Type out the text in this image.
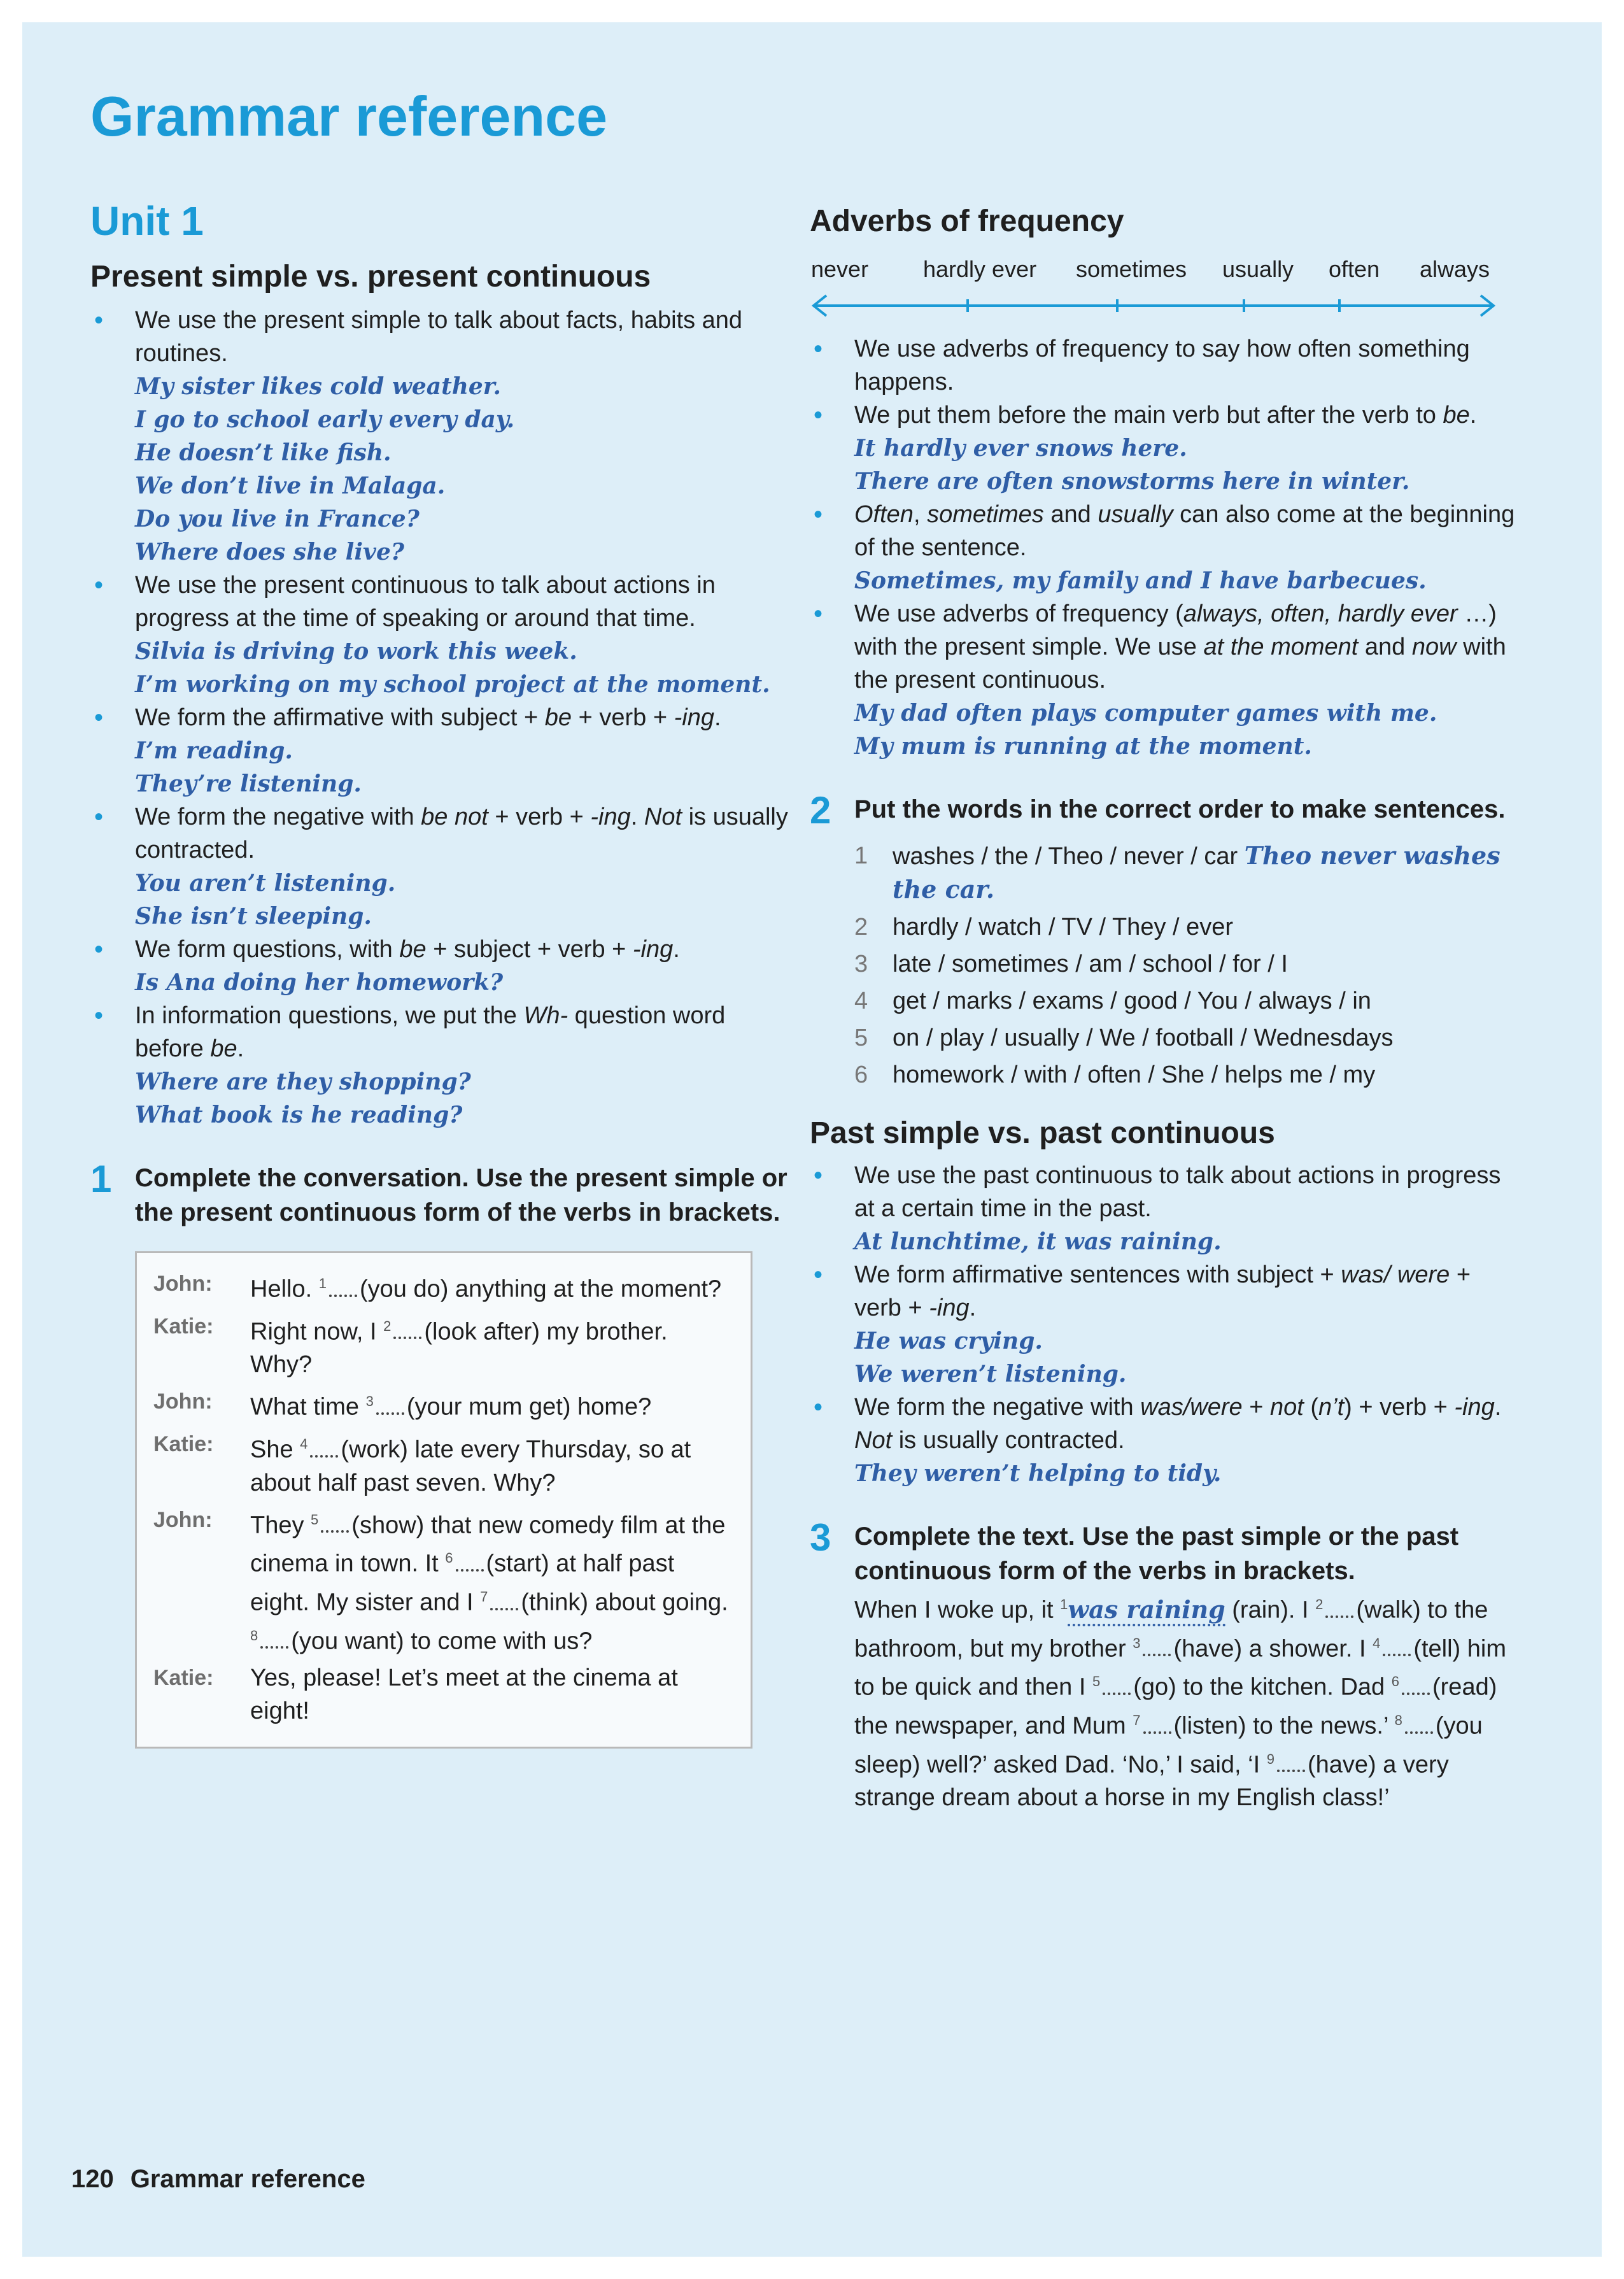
Grammar reference
Unit 1
Present simple vs. present continuous
• We use the present simple to talk about facts, habits and routines.
My sister likes cold weather.
I go to school early every day.
He doesn’t like fish.
We don’t live in Malaga.
Do you live in France?
Where does she live?
• We use the present continuous to talk about actions in progress at the time of speaking or around that time.
Silvia is driving to work this week.
I’m working on my school project at the moment.
• We form the affirmative with subject + be + verb + -ing.
I’m reading.
They’re listening.
• We form the negative with be not + verb + -ing. Not is usually contracted.
You aren’t listening.
She isn’t sleeping.
• We form questions, with be + subject + verb + -ing.
Is Ana doing her homework?
• In information questions, we put the Wh- question word before be.
Where are they shopping?
What book is he reading?
1 Complete the conversation. Use the present simple or the present continuous form of the verbs in brackets.
John:	Hello. $^1$ (you do) anything at the moment?
Katie:	Right now, I $^2$ (look after) my brother. Why?
John:	What time $^3$ (your mum get) home?
Katie:	She $^4$ (work) late every Thursday, so at about half past seven. Why?
John:	They $^5$ (show) that new comedy film at the cinema in town. It $^6$ (start) at half past eight. My sister and I $^7$ (think) about going. $^8$ (you want) to come with us?
Katie:	Yes, please! Let’s meet at the cinema at eight!
Adverbs of frequency
never hardly ever sometimes usually often always
• We use adverbs of frequency to say how often something happens.
• We put them before the main verb but after the verb to be.
It hardly ever snows here.
There are often snowstorms here in winter.
• Often, sometimes and usually can also come at the beginning of the sentence.
Sometimes, my family and I have barbecues.
• We use adverbs of frequency (always, often, hardly ever …) with the present simple. We use at the moment and now with the present continuous.
My dad often plays computer games with me.
My mum is running at the moment.
2 Put the words in the correct order to make sentences.
1 washes / the / Theo / never / car Theo never washes the car.
2 hardly / watch / TV / They / ever
3 late / sometimes / am / school / for / I
4 get / marks / exams / good / You / always / in
5 on / play / usually / We / football / Wednesdays
6 homework / with / often / She / helps me / my
Past simple vs. past continuous
• We use the past continuous to talk about actions in progress at a certain time in the past.
At lunchtime, it was raining.
• We form affirmative sentences with subject + was/ were + verb + -ing.
He was crying.
We weren’t listening.
• We form the negative with was/were + not (n’t) + verb + -ing. Not is usually contracted.
They weren’t helping to tidy.
3 Complete the text. Use the past simple or the past continuous form of the verbs in brackets.
When I woke up, it $^1$was raining (rain). I $^2$ (walk) to the bathroom, but my brother $^3$ (have) a shower. I $^4$ (tell) him to be quick and then I $^5$ (go) to the kitchen. Dad $^6$ (read) the newspaper, and Mum $^7$ (listen) to the news.’ $^8$ (you sleep) well?’ asked Dad. ‘No,’ I said, ‘I $^9$ (have) a very strange dream about a horse in my English class!’
120 Grammar reference
